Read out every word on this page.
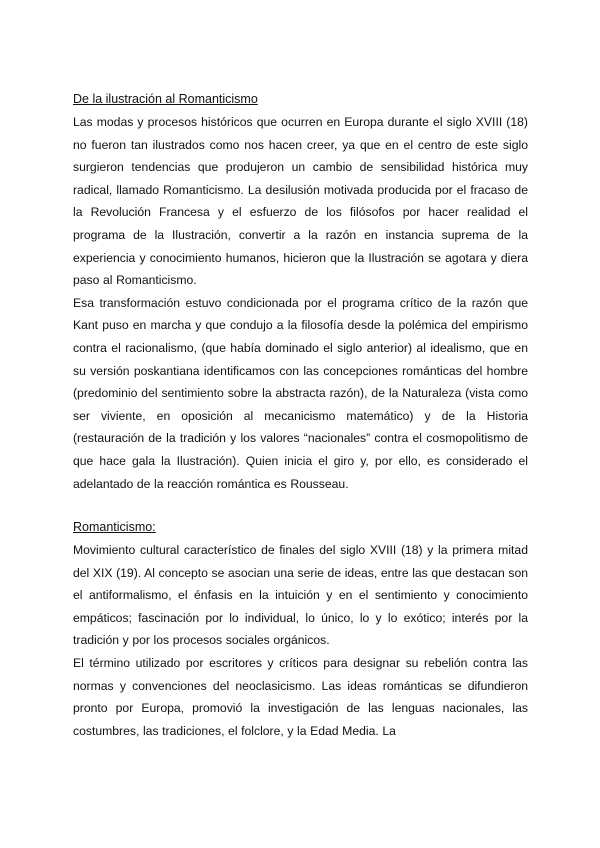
De la ilustración al Romanticismo

Las modas y procesos históricos que ocurren en Europa durante el siglo XVIII (18) no fueron tan ilustrados como nos hacen creer, ya que en el centro de este siglo surgieron tendencias que produjeron un cambio de sensibilidad histórica muy radical, llamado Romanticismo. La desilusión motivada producida por el fracaso de la Revolución Francesa y el esfuerzo de los filósofos por hacer realidad el programa de la Ilustración, convertir a la razón en instancia suprema de la experiencia y conocimiento humanos, hicieron que la Ilustración se agotara y diera paso al Romanticismo.

Esa transformación estuvo condicionada por el programa crítico de la razón que Kant puso en marcha y que condujo a la filosofía desde la polémica del empirismo contra el racionalismo, (que había dominado el siglo anterior) al idealismo, que en su versión poskantiana identificamos con las concepciones románticas del hombre (predominio del sentimiento sobre la abstracta razón), de la Naturaleza (vista como ser viviente, en oposición al mecanicismo matemático) y de la Historia (restauración de la tradición y los valores “nacionales” contra el cosmopolitismo de que hace gala la Ilustración). Quien inicia el giro y, por ello, es considerado el adelantado de la reacción romántica es Rousseau.

Romanticismo:

Movimiento cultural característico de finales del siglo XVIII (18) y la primera mitad del XIX (19). Al concepto se asocian una serie de ideas, entre las que destacan son el antiformalismo, el énfasis en la intuición y en el sentimiento y conocimiento empáticos; fascinación por lo individual, lo único, lo y lo exótico; interés por la tradición y por los procesos sociales orgánicos.

El término utilizado por escritores y críticos para designar su rebelión contra las normas y convenciones del neoclasicismo. Las ideas románticas se difundieron pronto por Europa, promovió la investigación de las lenguas nacionales, las costumbres, las tradiciones, el folclore, y la Edad Media. La
